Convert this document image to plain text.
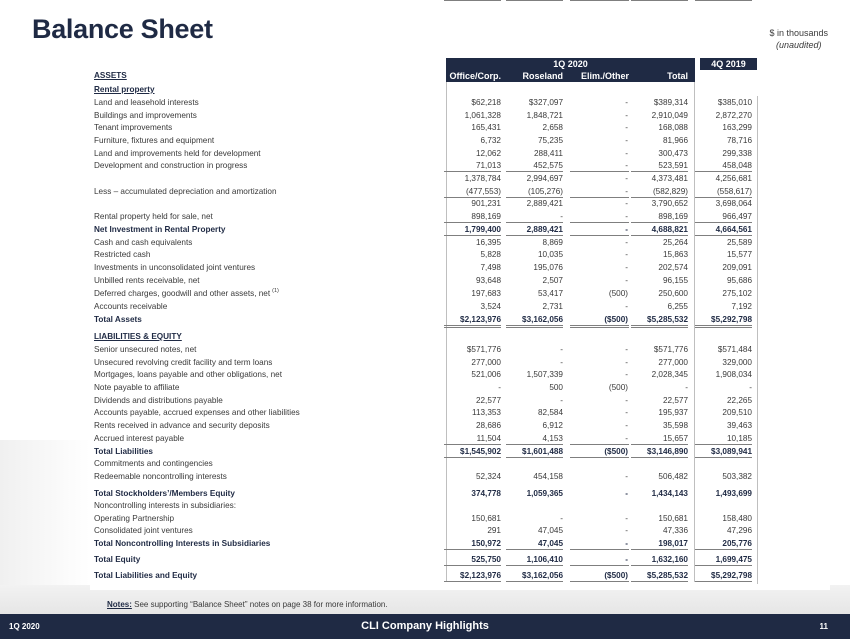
Balance Sheet	$ in thousands
(unaudited)
1Q 2020
Office/Corp.	Roseland	Elim./Other	Total
4Q 2019
ASSETS
Rental property
Land and leasehold interests	$62,218	$327,097	-	$389,314	$385,010
Buildings and improvements	1,061,328	1,848,721	-	2,910,049	2,872,270
Tenant improvements	165,431	2,658	-	168,088	163,299
Furniture, fixtures and equipment	6,732	75,235	-	81,966	78,716
Land and improvements held for development	12,062	288,411	-	300,473	299,338
Development and construction in progress	71,013	452,575	-	523,591	458,048
1,378,784	2,994,697	-	4,373,481	4,256,681
Less – accumulated depreciation and amortization	(477,553)	(105,276)	-	(582,829)	(558,617)
901,231	2,889,421	-	3,790,652	3,698,064
Rental property held for sale, net	898,169	-	-	898,169	966,497
Net Investment in Rental Property	1,799,400	2,889,421	-	4,688,821	4,664,561
Cash and cash equivalents	16,395	8,869	-	25,264	25,589
Restricted cash	5,828	10,035	-	15,863	15,577
Investments in unconsolidated joint ventures	7,498	195,076	-	202,574	209,091
Unbilled rents receivable, net	93,648	2,507	-	96,155	95,686
Deferred charges, goodwill and other assets, net $^{(1)}$	197,683	53,417	(500)	250,600	275,102
Accounts receivable	3,524	2,731	-	6,255	7,192
Total Assets	$2,123,976	$3,162,056	($500)	$5,285,532	$5,292,798
LIABILITIES & EQUITY
Senior unsecured notes, net	$571,776	-	-	$571,776	$571,484
Unsecured revolving credit facility and term loans	277,000	-	-	277,000	329,000
Mortgages, loans payable and other obligations, net	521,006	1,507,339	-	2,028,345	1,908,034
Note payable to affiliate	-	500	(500)	-	-
Dividends and distributions payable	22,577	-	-	22,577	22,265
Accounts payable, accrued expenses and other liabilities	113,353	82,584	-	195,937	209,510
Rents received in advance and security deposits	28,686	6,912	-	35,598	39,463
Accrued interest payable	11,504	4,153	-	15,657	10,185
Total Liabilities	$1,545,902	$1,601,488	($500)	$3,146,890	$3,089,941
Commitments and contingencies
Redeemable noncontrolling interests	52,324	454,158	-	506,482	503,382
Total Stockholders’/Members Equity	374,778	1,059,365	-	1,434,143	1,493,699
Noncontrolling interests in subsidiaries:
Operating Partnership	150,681	-	-	150,681	158,480
Consolidated joint ventures	291	47,045	-	47,336	47,296
Total Noncontrolling Interests in Subsidiaries	150,972	47,045	-	198,017	205,776
Total Equity	525,750	1,106,410	-	1,632,160	1,699,475
Total Liabilities and Equity	$2,123,976	$3,162,056	($500)	$5,285,532	$5,292,798
Notes: See supporting “Balance Sheet” notes on page 38 for more information.
1Q 2020	CLI Company Highlights	11
